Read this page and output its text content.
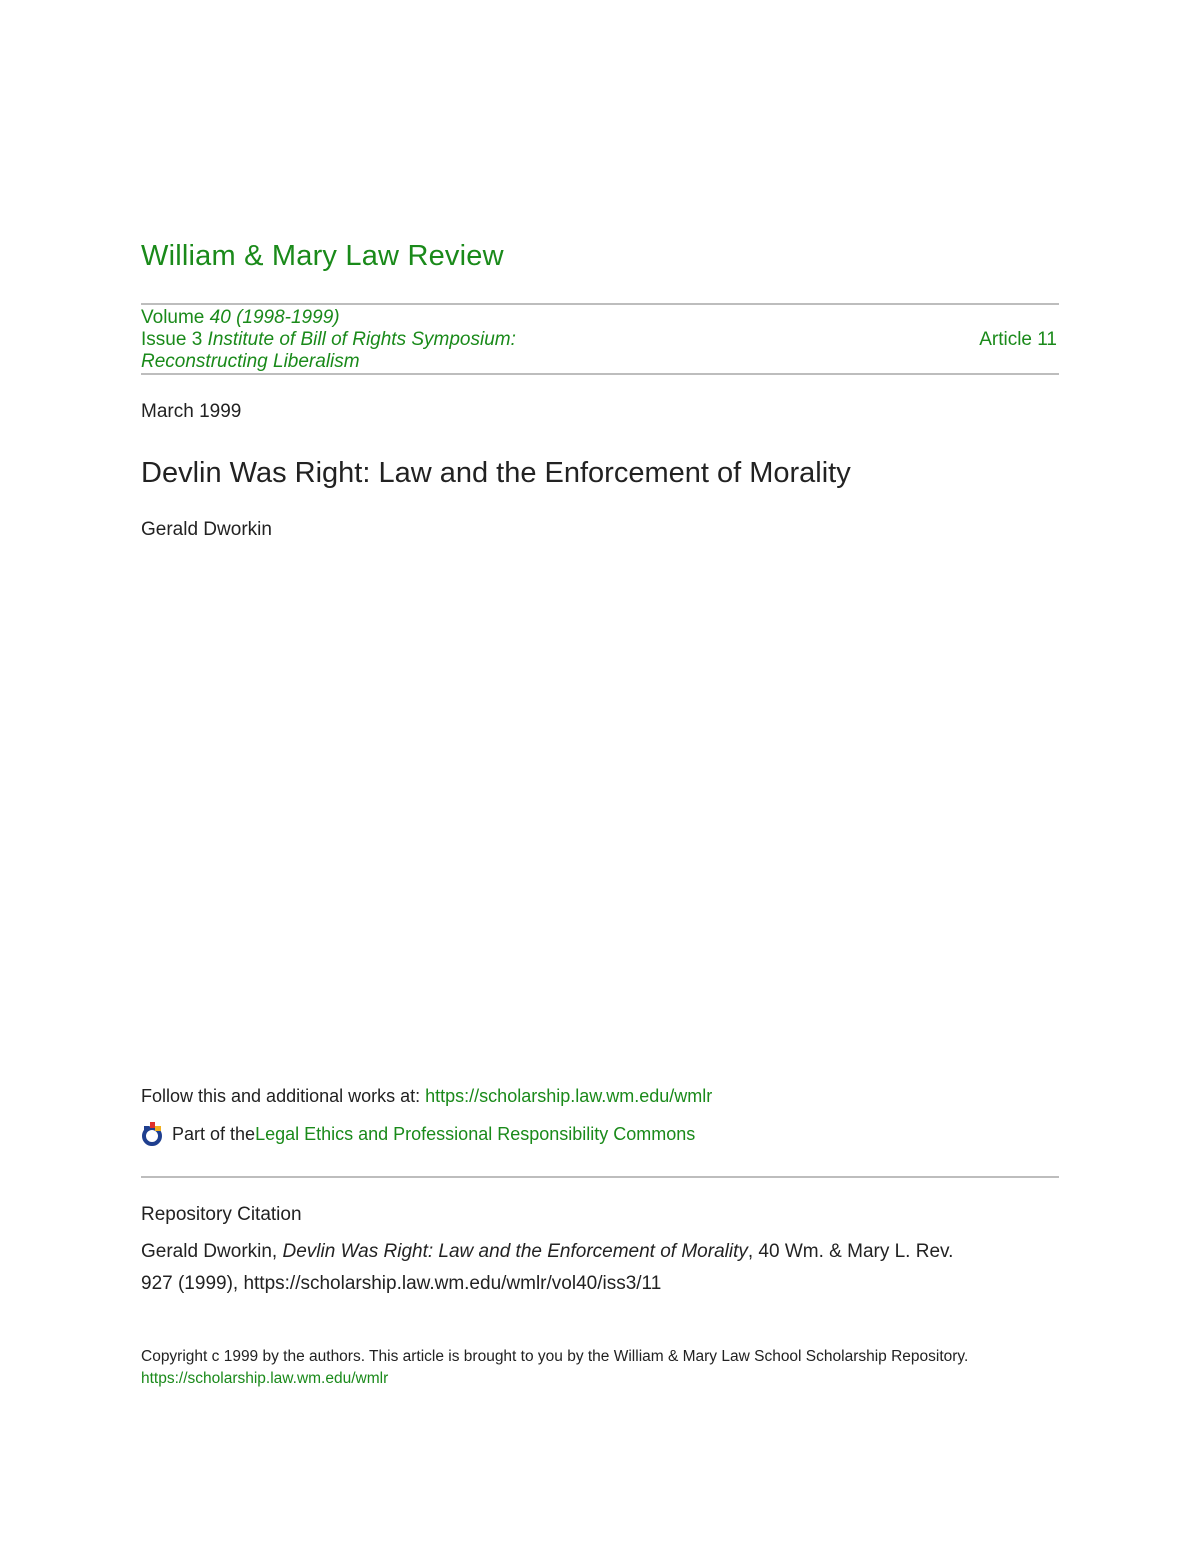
William & Mary Law Review
Volume 40 (1998-1999)
Issue 3 Institute of Bill of Rights Symposium:
Reconstructing Liberalism
Article 11
March 1999
Devlin Was Right: Law and the Enforcement of Morality
Gerald Dworkin
Follow this and additional works at: https://scholarship.law.wm.edu/wmlr
Part of the Legal Ethics and Professional Responsibility Commons
Repository Citation
Gerald Dworkin, Devlin Was Right: Law and the Enforcement of Morality, 40 Wm. & Mary L. Rev.
927 (1999), https://scholarship.law.wm.edu/wmlr/vol40/iss3/11
Copyright c 1999 by the authors. This article is brought to you by the William & Mary Law School Scholarship Repository.
https://scholarship.law.wm.edu/wmlr
